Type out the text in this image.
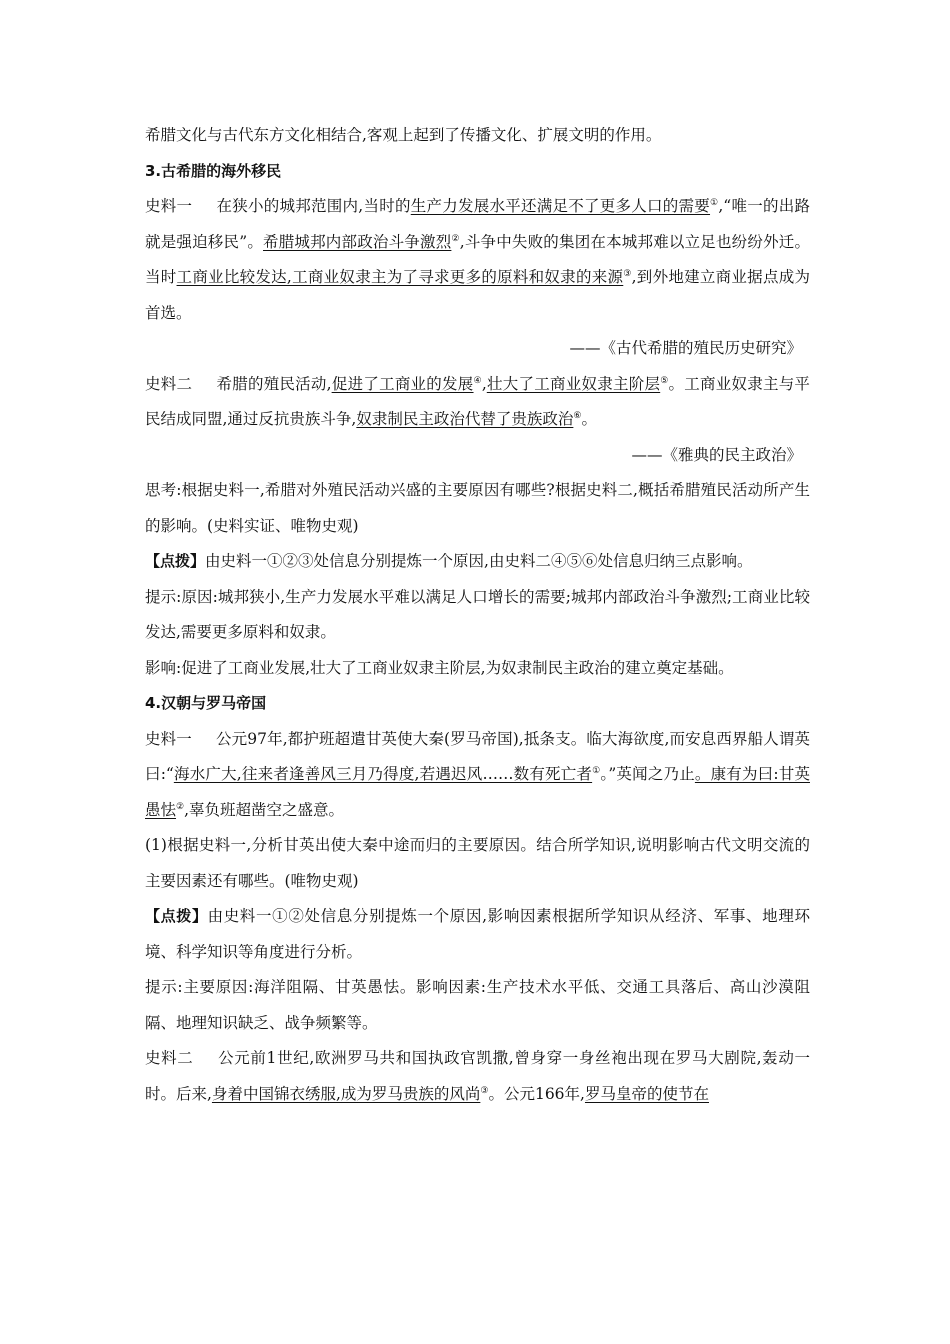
希腊文化与古代东方文化相结合,客观上起到了传播文化、扩展文明的作用。

3.古希腊的海外移民

史料一 在狭小的城邦范围内,当时的生产力发展水平还满足不了更多人口的需要①,“唯一的出路就是强迫移民”。希腊城邦内部政治斗争激烈②,斗争中失败的集团在本城邦难以立足也纷纷外迁。当时工商业比较发达,工商业奴隶主为了寻求更多的原料和奴隶的来源③,到外地建立商业据点成为首选。

——《古代希腊的殖民历史研究》

史料二 希腊的殖民活动,促进了工商业的发展④,壮大了工商业奴隶主阶层⑤。工商业奴隶主与平民结成同盟,通过反抗贵族斗争,奴隶制民主政治代替了贵族政治⑥。

——《雅典的民主政治》

思考:根据史料一,希腊对外殖民活动兴盛的主要原因有哪些?根据史料二,概括希腊殖民活动所产生的影响。(史料实证、唯物史观)

【点拨】由史料一①②③处信息分别提炼一个原因,由史料二④⑤⑥处信息归纳三点影响。

提示:原因:城邦狭小,生产力发展水平难以满足人口增长的需要;城邦内部政治斗争激烈;工商业比较发达,需要更多原料和奴隶。

影响:促进了工商业发展,壮大了工商业奴隶主阶层,为奴隶制民主政治的建立奠定基础。

4.汉朝与罗马帝国

史料一 公元97年,都护班超遣甘英使大秦(罗马帝国),抵条支。临大海欲度,而安息西界船人谓英曰:“海水广大,往来者逢善风三月乃得度,若遇迟风……数有死亡者①。”英闻之乃止。康有为曰:甘英愚怯②,辜负班超凿空之盛意。

(1)根据史料一,分析甘英出使大秦中途而归的主要原因。结合所学知识,说明影响古代文明交流的主要因素还有哪些。(唯物史观)

【点拨】由史料一①②处信息分别提炼一个原因,影响因素根据所学知识从经济、军事、地理环境、科学知识等角度进行分析。

提示:主要原因:海洋阻隔、甘英愚怯。影响因素:生产技术水平低、交通工具落后、高山沙漠阻隔、地理知识缺乏、战争频繁等。

史料二 公元前1世纪,欧洲罗马共和国执政官凯撒,曾身穿一身丝袍出现在罗马大剧院,轰动一时。后来,身着中国锦衣绣服,成为罗马贵族的风尚③。公元166年,罗马皇帝的使节在
